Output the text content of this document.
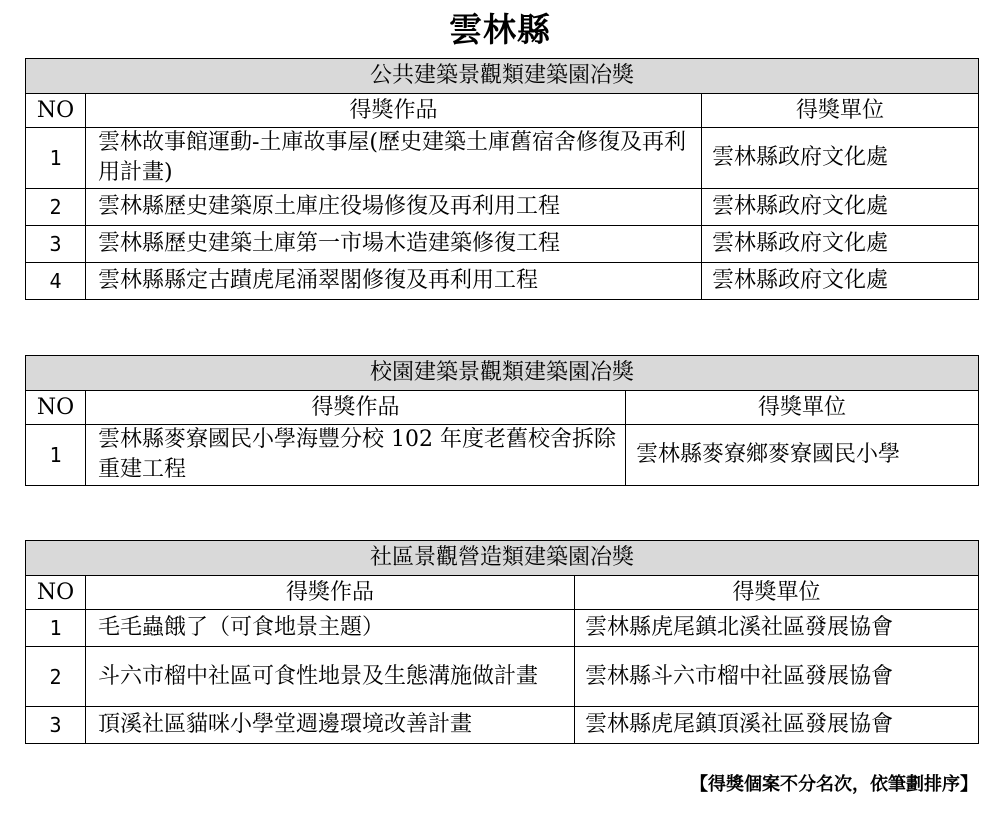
雲林縣
公共建築景觀類建築園冶獎		
NO	得獎作品	得獎單位
1	雲林故事館運動-土庫故事屋(歷史建築土庫舊宿舍修復及再利用計畫)	雲林縣政府文化處
2	雲林縣歷史建築原土庫庄役場修復及再利用工程	雲林縣政府文化處
3	雲林縣歷史建築土庫第一市場木造建築修復工程	雲林縣政府文化處
4	雲林縣縣定古蹟虎尾涌翠閣修復及再利用工程	雲林縣政府文化處
校園建築景觀類建築園冶獎		
NO	得獎作品	得獎單位
1	雲林縣麥寮國民小學海豐分校 102 年度老舊校舍拆除重建工程	雲林縣麥寮鄉麥寮國民小學
社區景觀營造類建築園冶獎		
NO	得獎作品	得獎單位
1	毛毛蟲餓了（可食地景主題）	雲林縣虎尾鎮北溪社區發展協會
2	斗六市榴中社區可食性地景及生態溝施做計畫	雲林縣斗六市榴中社區發展協會
3	頂溪社區貓咪小學堂週邊環境改善計畫	雲林縣虎尾鎮頂溪社區發展協會
【得獎個案不分名次，依筆劃排序】
